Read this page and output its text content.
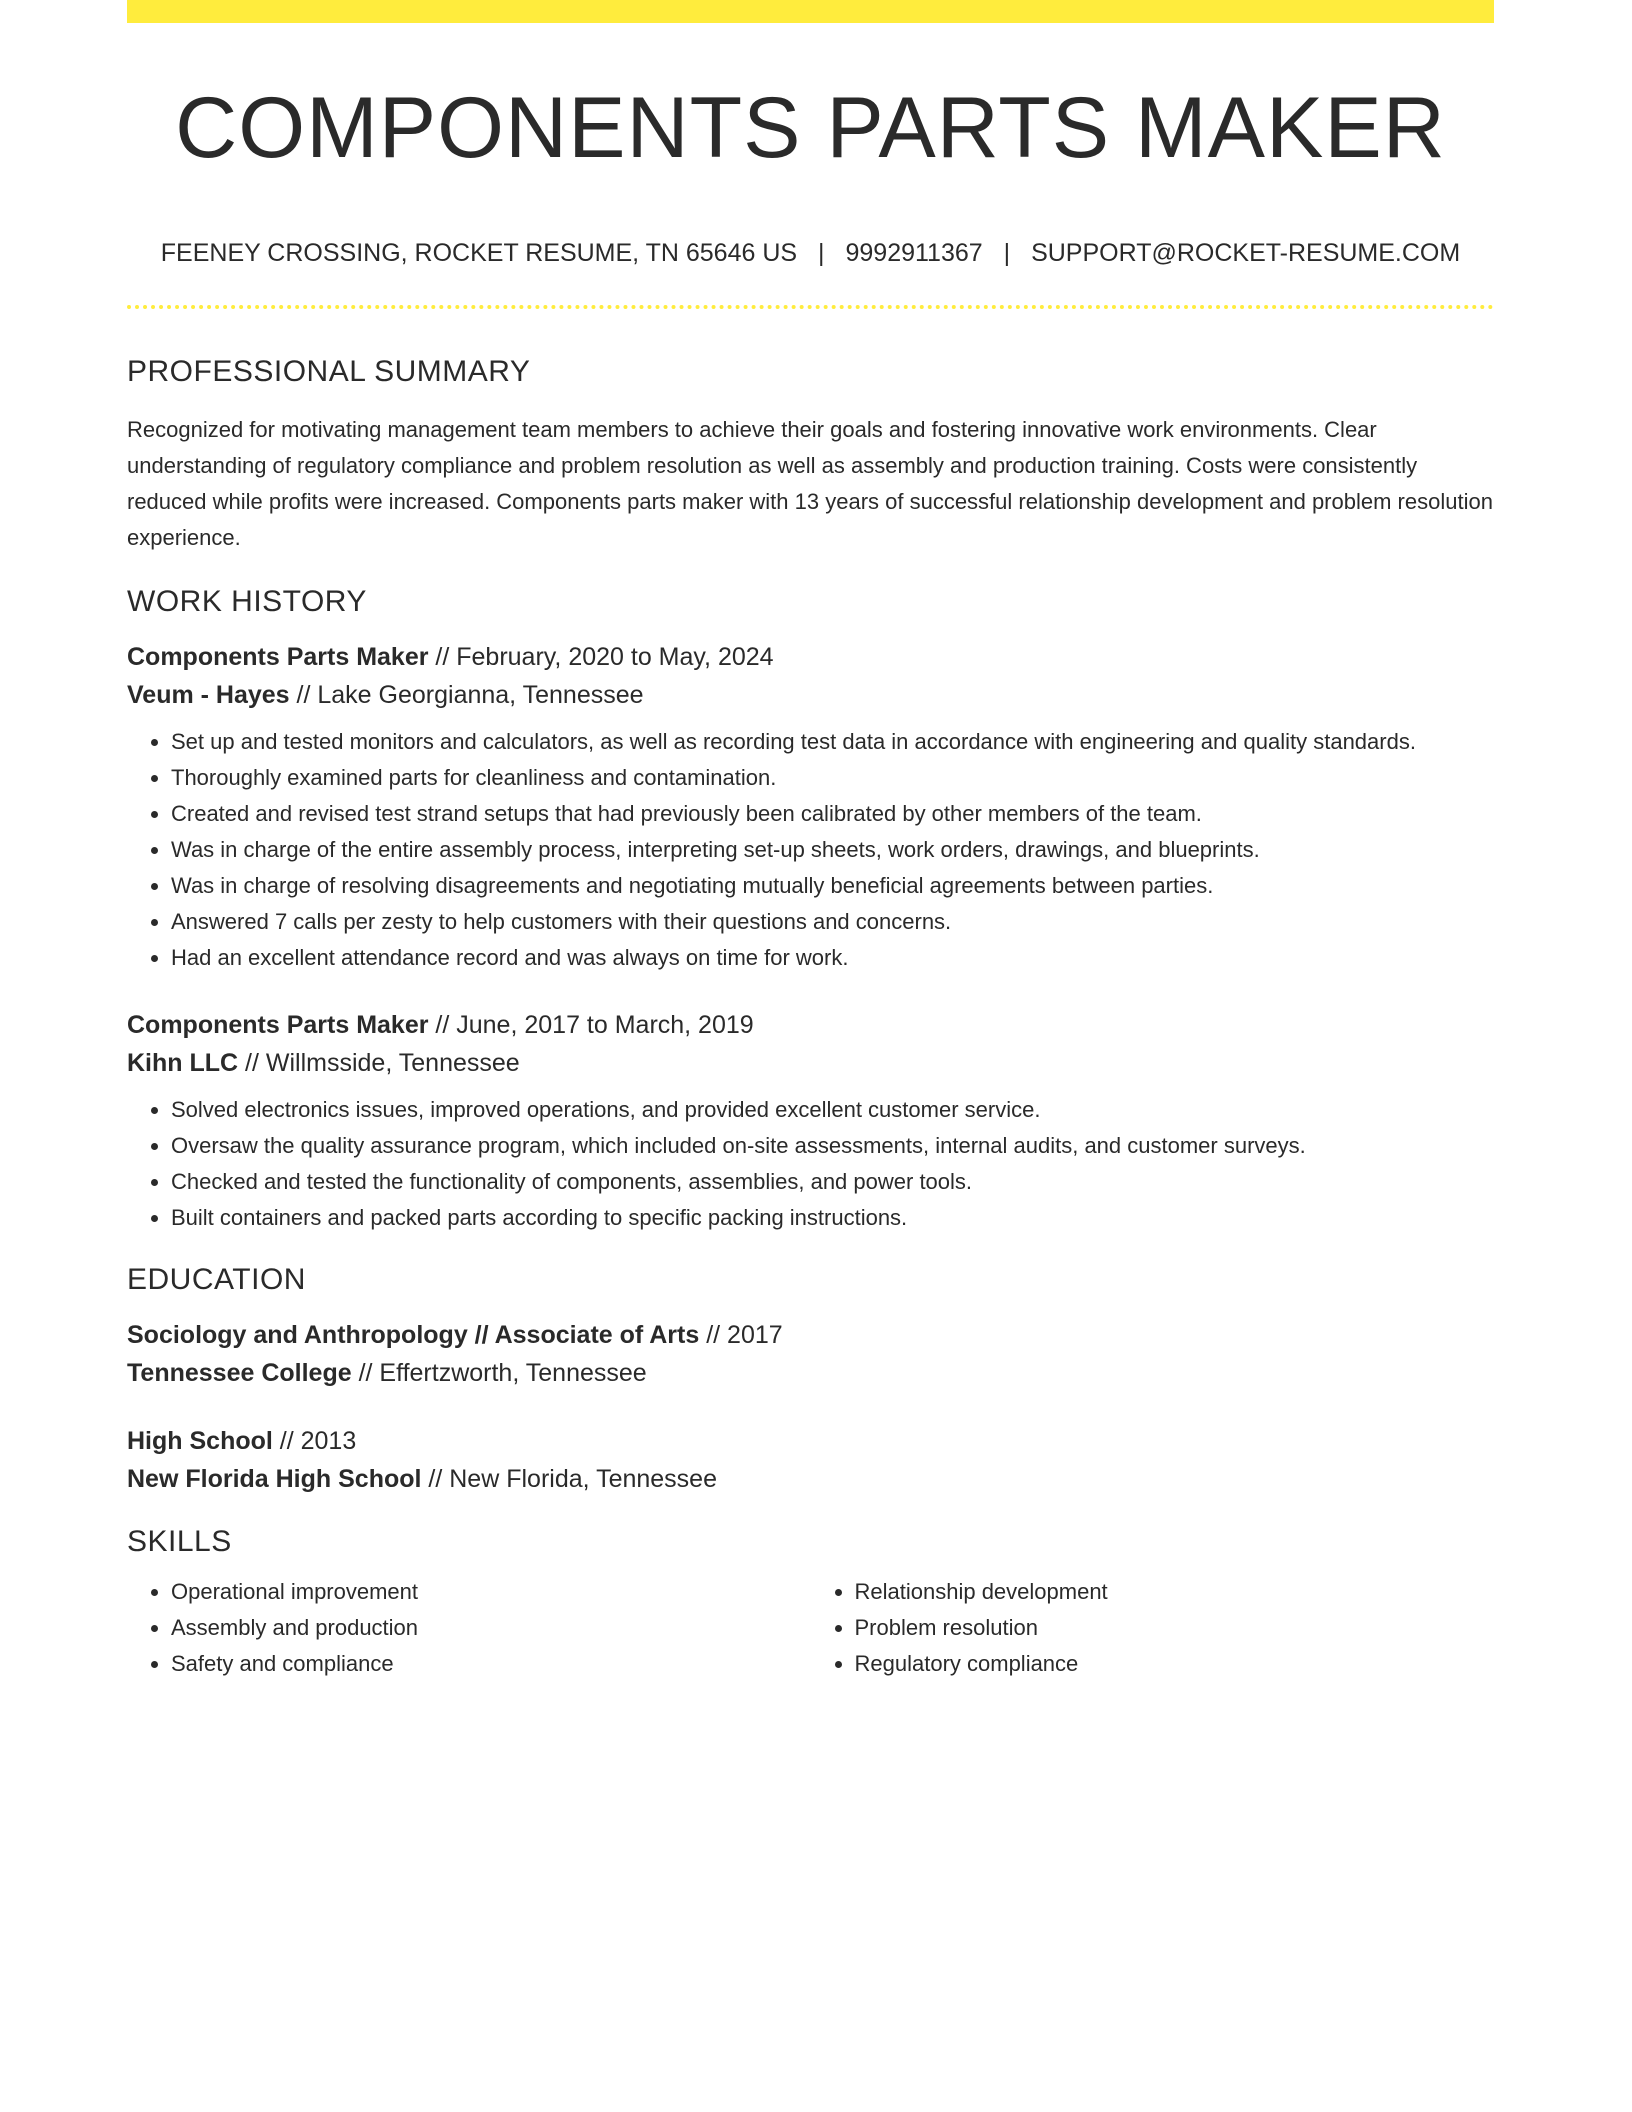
COMPONENTS PARTS MAKER
FEENEY CROSSING, ROCKET RESUME, TN 65646 US | 9992911367 | SUPPORT@ROCKET-RESUME.COM
PROFESSIONAL SUMMARY

Recognized for motivating management team members to achieve their goals and fostering innovative work environments. Clear understanding of regulatory compliance and problem resolution as well as assembly and production training. Costs were consistently reduced while profits were increased. Components parts maker with 13 years of successful relationship development and problem resolution experience.

WORK HISTORY
Components Parts Maker // February, 2020 to May, 2024
Veum - Hayes // Lake Georgianna, Tennessee
• Set up and tested monitors and calculators, as well as recording test data in accordance with engineering and quality standards.
• Thoroughly examined parts for cleanliness and contamination.
• Created and revised test strand setups that had previously been calibrated by other members of the team.
• Was in charge of the entire assembly process, interpreting set-up sheets, work orders, drawings, and blueprints.
• Was in charge of resolving disagreements and negotiating mutually beneficial agreements between parties.
• Answered 7 calls per zesty to help customers with their questions and concerns.
• Had an excellent attendance record and was always on time for work.
Components Parts Maker // June, 2017 to March, 2019
Kihn LLC // Willmsside, Tennessee
• Solved electronics issues, improved operations, and provided excellent customer service.
• Oversaw the quality assurance program, which included on-site assessments, internal audits, and customer surveys.
• Checked and tested the functionality of components, assemblies, and power tools.
• Built containers and packed parts according to specific packing instructions.
EDUCATION
Sociology and Anthropology // Associate of Arts // 2017
Tennessee College // Effertzworth, Tennessee
High School // 2013
New Florida High School // New Florida, Tennessee
SKILLS
• Operational improvement
• Assembly and production
• Safety and compliance
• Relationship development
• Problem resolution
• Regulatory compliance
